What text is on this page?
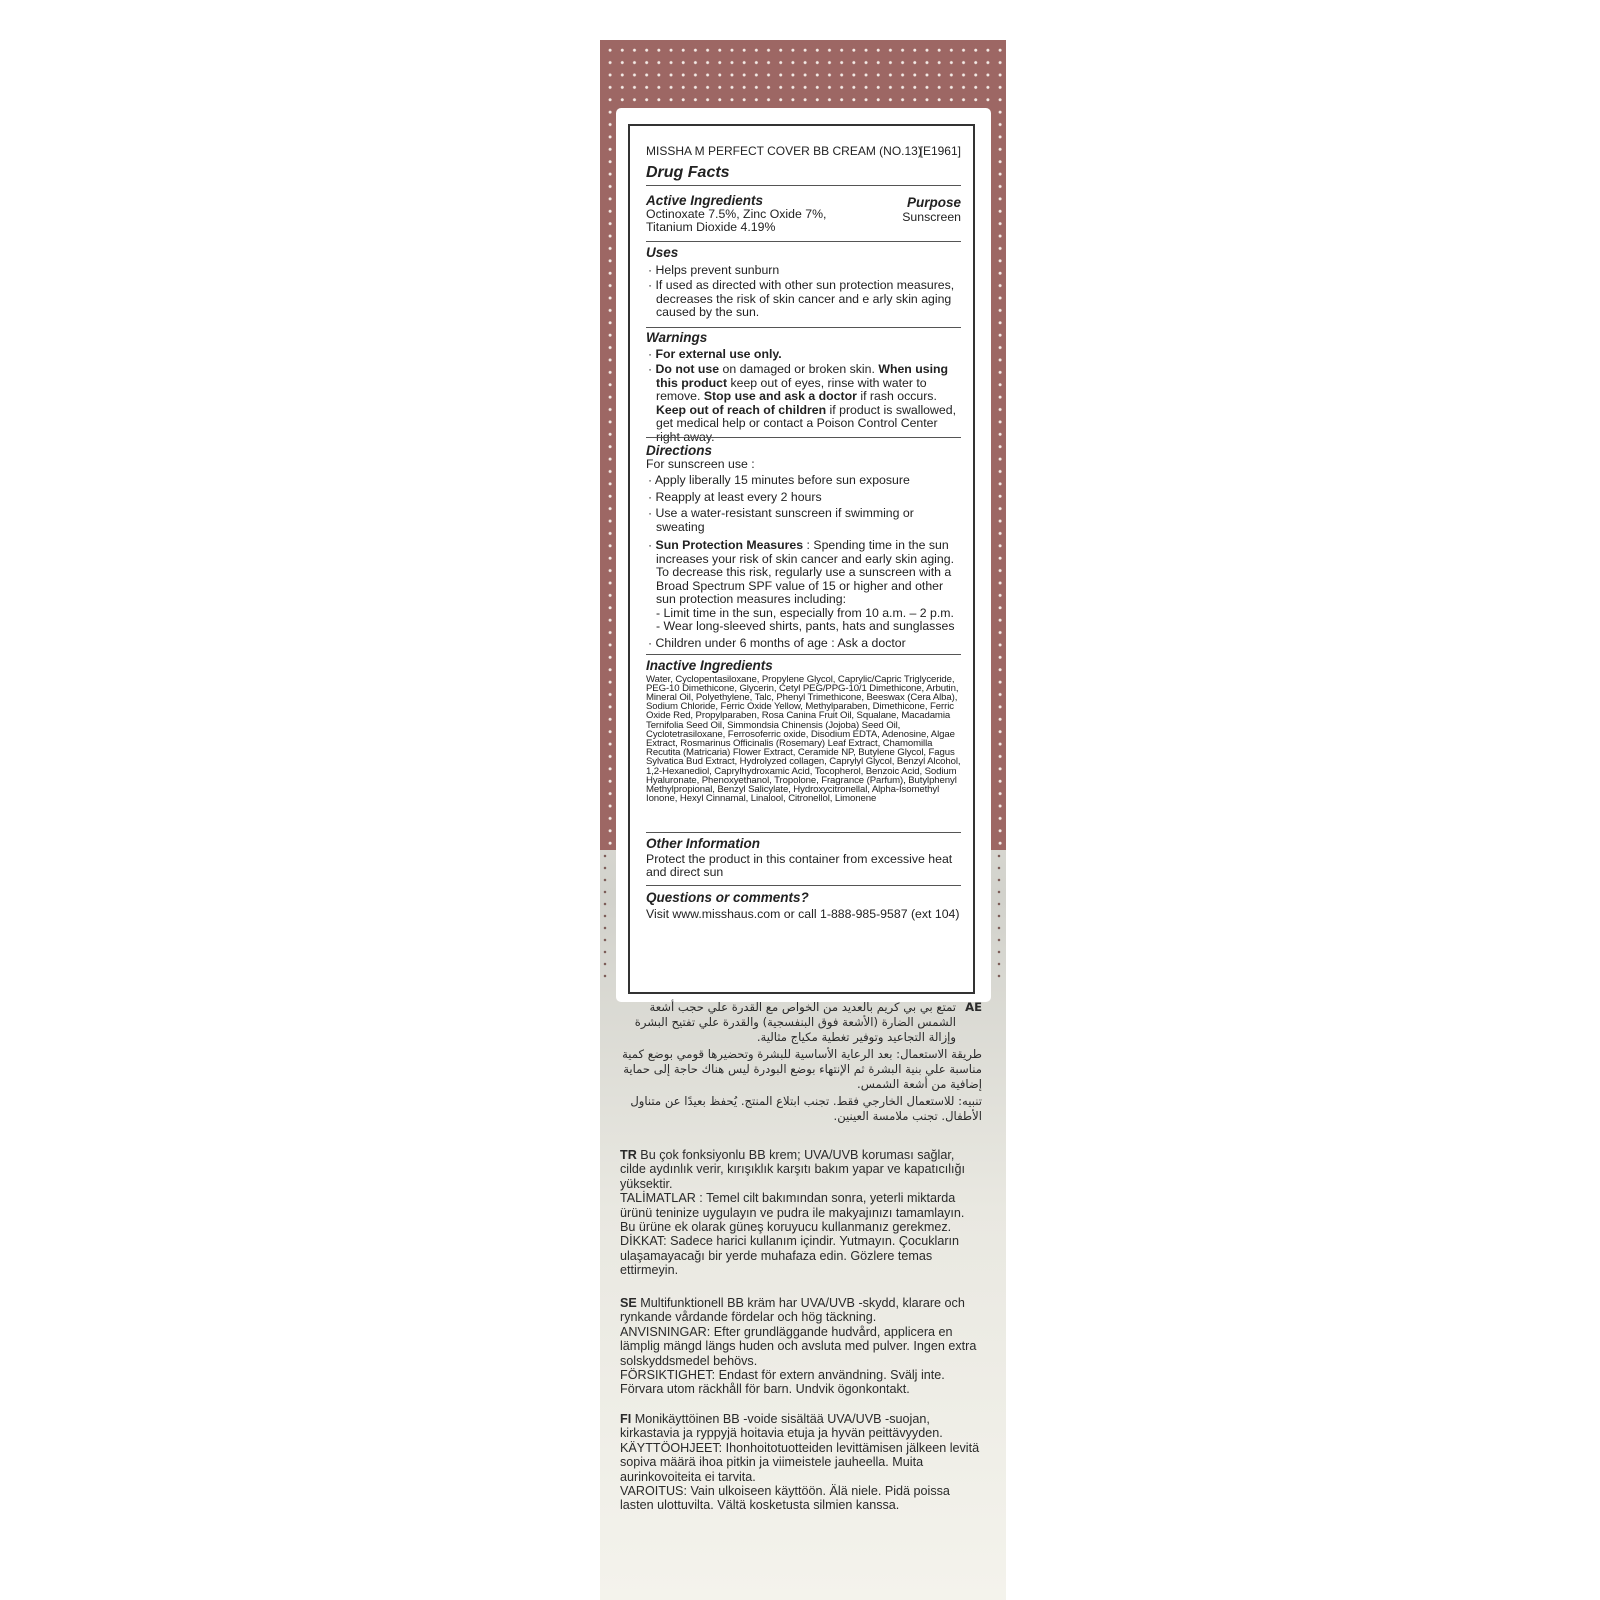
MISSHA M PERFECT COVER BB CREAM (NO.13)
[E1961]
Drug Facts
Active Ingredients
Octinoxate 7.5%, Zinc Oxide 7%,
Titanium Dioxide 4.19%
Purpose
Sunscreen
Uses
· Helps prevent sunburn
· If used as directed with other sun protection measures, decreases the risk of skin cancer and e arly skin aging caused by the sun.
Warnings
· For external use only.
· Do not use on damaged or broken skin. When using this product keep out of eyes, rinse with water to remove. Stop use and ask a doctor if rash occurs. Keep out of reach of children if product is swallowed, get medical help or contact a Poison Control Center right away.
Directions
For sunscreen use :
· Apply liberally 15 minutes before sun exposure
· Reapply at least every 2 hours
· Use a water-resistant sunscreen if swimming or sweating
· Sun Protection Measures : Spending time in the sun increases your risk of skin cancer and early skin aging. To decrease this risk, regularly use a sunscreen with a Broad Spectrum SPF value of 15 or higher and other sun protection measures including:
- Limit time in the sun, especially from 10 a.m. – 2 p.m.
- Wear long-sleeved shirts, pants, hats and sunglasses
· Children under 6 months of age : Ask a doctor
Inactive Ingredients
Water, Cyclopentasiloxane, Propylene Glycol, Caprylic/Capric Triglyceride, PEG-10 Dimethicone, Glycerin, Cetyl PEG/PPG-10/1 Dimethicone, Arbutin, Mineral Oil, Polyethylene, Talc, Phenyl Trimethicone, Beeswax (Cera Alba), Sodium Chloride, Ferric Oxide Yellow, Methylparaben, Dimethicone, Ferric Oxide Red, Propylparaben, Rosa Canina Fruit Oil, Squalane, Macadamia Ternifolia Seed Oil, Simmondsia Chinensis (Jojoba) Seed Oil, Cyclotetrasiloxane, Ferrosoferric oxide, Disodium EDTA, Adenosine, Algae Extract, Rosmarinus Officinalis (Rosemary) Leaf Extract, Chamomilla Recutita (Matricaria) Flower Extract, Ceramide NP, Butylene Glycol, Fagus Sylvatica Bud Extract, Hydrolyzed collagen, Caprylyl Glycol, Benzyl Alcohol, 1,2-Hexanediol, Caprylhydroxamic Acid, Tocopherol, Benzoic Acid, Sodium Hyaluronate, Phenoxyethanol, Tropolone, Fragrance (Parfum), Butylphenyl Methylpropional, Benzyl Salicylate, Hydroxycitronellal, Alpha-Isomethyl Ionone, Hexyl Cinnamal, Linalool, Citronellol, Limonene
Other Information
Protect the product in this container from excessive heat and direct sun
Questions or comments?
Visit www.misshaus.com or call 1-888-985-9587 (ext 104)
AE
تمتع بي بي كريم بالعديد من الخواص مع القدرة علي حجب أشعة الشمس الضارة (الأشعة فوق البنفسجية) والقدرة علي تفتيح البشرة وإزالة التجاعيد وتوفير تغطية مكياج مثالية.
طريقة الاستعمال: بعد الرعاية الأساسية للبشرة وتحضيرها قومي بوضع كمية مناسبة علي بنية البشرة ثم الإنتهاء بوضع البودرة ليس هناك حاجة إلى حماية إضافية من أشعة الشمس.
تنبيه: للاستعمال الخارجي فقط. تجنب ابتلاع المنتج. يُحفظ بعيدًا عن متناول الأطفال. تجنب ملامسة العينين.
TR Bu çok fonksiyonlu BB krem; UVA/UVB koruması sağlar, cilde aydınlık verir, kırışıklık karşıtı bakım yapar ve kapatıcılığı yüksektir.
TALİMATLAR : Temel cilt bakımından sonra, yeterli miktarda ürünü teninize uygulayın ve pudra ile makyajınızı tamamlayın. Bu ürüne ek olarak güneş koruyucu kullanmanız gerekmez.
DİKKAT: Sadece harici kullanım içindir. Yutmayın. Çocukların ulaşamayacağı bir yerde muhafaza edin. Gözlere temas ettirmeyin.
SE Multifunktionell BB kräm har UVA/UVB -skydd, klarare och rynkande vårdande fördelar och hög täckning.
ANVISNINGAR: Efter grundläggande hudvård, applicera en lämplig mängd längs huden och avsluta med pulver. Ingen extra solskyddsmedel behövs.
FÖRSIKTIGHET: Endast för extern användning. Svälj inte. Förvara utom räckhåll för barn. Undvik ögonkontakt.
FI Monikäyttöinen BB -voide sisältää UVA/UVB -suojan, kirkastavia ja ryppyjä hoitavia etuja ja hyvän peittävyyden.
KÄYTTÖOHJEET: Ihonhoitotuotteiden levittämisen jälkeen levitä sopiva määrä ihoa pitkin ja viimeistele jauheella. Muita aurinkovoiteita ei tarvita.
VAROITUS: Vain ulkoiseen käyttöön. Älä niele. Pidä poissa lasten ulottuvilta. Vältä kosketusta silmien kanssa.
